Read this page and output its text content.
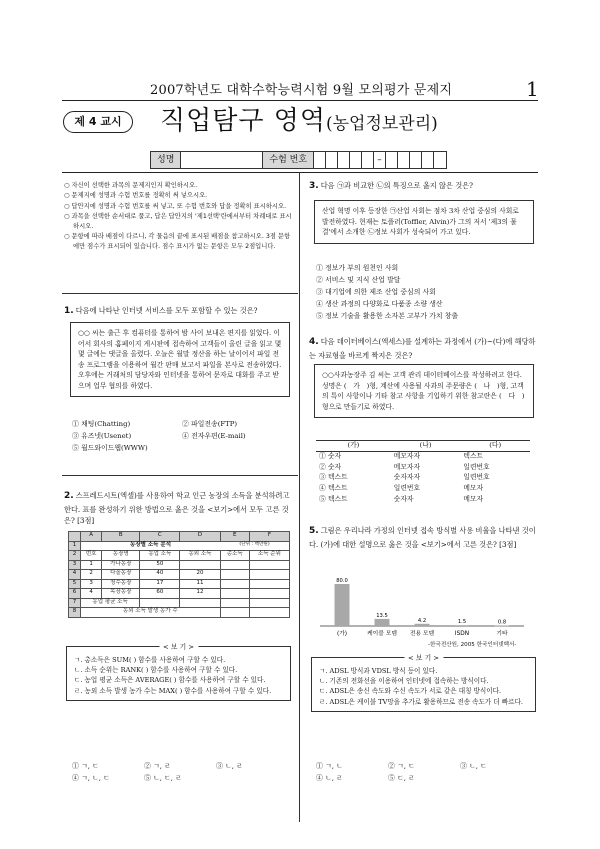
2007학년도 대학수학능력시험 9월 모의평가 문제지	1
제 4 교시	직업탐구 영역(농업정보관리)
성명	수험 번호	–
○ 자신이 선택한 과목의 문제지인지 확인하시오.
○ 문제지에 성명과 수험 번호를 정확히 써 넣으시오.
○ 답안지에 성명과 수험 번호를 써 넣고, 또 수험 번호와 답을 정확히 표시하시오.
○ 과목을 선택한 순서대로 풀고, 답은 답안지의 '제1선택'란에서부터 차례대로 표시하시오.
○ 문항에 따라 배점이 다르니, 각 물음의 끝에 표시된 배점을 참고하시오. 3점 문항에만 점수가 표시되어 있습니다. 점수 표시가 없는 문항은 모두 2점입니다.
1. 다음에 나타난 인터넷 서비스를 모두 포함할 수 있는 것은?
○○ 씨는 출근 후 컴퓨터를 통하여 밤 사이 보내온 편지를 읽었다. 이어서 회사의 홈페이지 게시판에 접속하여 고객들이 올린 글을 읽고 몇몇 글에는 댓글을 올렸다. 오늘은 월말 정산을 하는 날이어서 파일 전송 프로그램을 이용하여 월간 판매 보고서 파일을 본사로 전송하였다. 오후에는 거래처의 담당자와 인터넷을 통하여 문자로 대화를 주고 받으며 업무 협의를 하였다.
① 채팅(Chatting)	② 파일전송(FTP)
③ 유즈넷(Usenet)	④ 전자우편(E-mail)
⑤ 월드와이드웹(WWW)
2. 스프레드시트(엑셀)를 사용하여 학교 인근 농장의 소득을 분석하려고 한다. 표를 완성하기 위한 방법으로 옳은 것을 <보기>에서 모두 고른 것은? [3점]
	A	B	C	D	E	F
1	농장별 소득 분석				(단위 : 백만원)	
2	번호	농장명	농업 소득	농외 소득	총소득	소득 순위
3	1	가나농장	50			
4	2	다올농장	40	20		
5	3	청수농장	17	11		
6	4	목장농장	60	12		
7	농업 평균 소득					
8	농외 소득 발생 농가 수					
< 보 기 >

ㄱ. 총소득은 SUM( ) 함수를 사용하여 구할 수 있다.

ㄴ. 소득 순위는 RANK( ) 함수를 사용하여 구할 수 있다.

ㄷ. 농업 평균 소득은 AVERAGE( ) 함수를 사용하여 구할 수 있다.

ㄹ. 농외 소득 발생 농가 수는 MAX( ) 함수를 사용하여 구할 수 있다.

① ㄱ, ㄷ	② ㄱ, ㄹ	③ ㄴ, ㄹ
④ ㄱ, ㄴ, ㄷ	⑤ ㄴ, ㄷ, ㄹ
3. 다음 ㉠과 비교한 ㉡의 특징으로 옳지 않은 것은?
산업 혁명 이후 등장한 ㉠산업 사회는 점차 3차 산업 중심의 사회로 발전하였다. 현재는 토플러(Toffler, Alvin)가 그의 저서 '제3의 물결'에서 소개한 ㉡정보 사회가 성숙되어 가고 있다.
① 정보가 부의 원천인 사회
② 서비스 및 지식 산업 발달
③ 대기업에 의한 제조 산업 중심의 사회
④ 생산 과정의 다양화로 다품종 소량 생산
⑤ 정보 기술을 활용한 소자본 고부가 가치 창출
4. 다음 데이터베이스(엑세스)를 설계하는 과정에서 (가)~(다)에 해당하는 자료형을 바르게 짝지은 것은?
○○사과농장주 김 씨는 고객 관리 데이터베이스를 작성하려고 한다. 성명은 (　가　)형, 계산에 사용될 사과의 주문량은 (　나　)형, 고객의 특이 사항이나 기타 참고 사항을 기입하기 위한 참고란은 (　다　)형으로 만들기로 하였다.
(가)	(나)	(다)
① 숫자	메모자자	텍스트
② 숫자	메모자자	일련번호
③ 텍스트	숫자자자	일련번호
④ 텍스트	일련번호	메모자
⑤ 텍스트	숫자자	메모자
5. 그림은 우리나라 가정의 인터넷 접속 방식별 사용 비율을 나타낸 것이다. (가)에 대한 설명으로 옳은 것을 <보기>에서 고른 것은? [3점]
80.0
(가)
13.5
케이블 모뎀
4.2
전용 모뎀
1.5
ISDN
0.8
기타
-한국전산원, 2005 한국인터넷백서-
< 보 기 >

ㄱ. ADSL 방식과 VDSL 방식 등이 있다.

ㄴ. 기존의 전화선을 이용하여 인터넷에 접속하는 방식이다.

ㄷ. ADSL은 송신 속도와 수신 속도가 서로 같은 대칭 방식이다.

ㄹ. ADSL은 케이블 TV망을 추가로 활용하므로 전송 속도가 더 빠르다.

① ㄱ, ㄴ	② ㄱ, ㄷ	③ ㄴ, ㄷ
④ ㄴ, ㄹ	⑤ ㄷ, ㄹ
